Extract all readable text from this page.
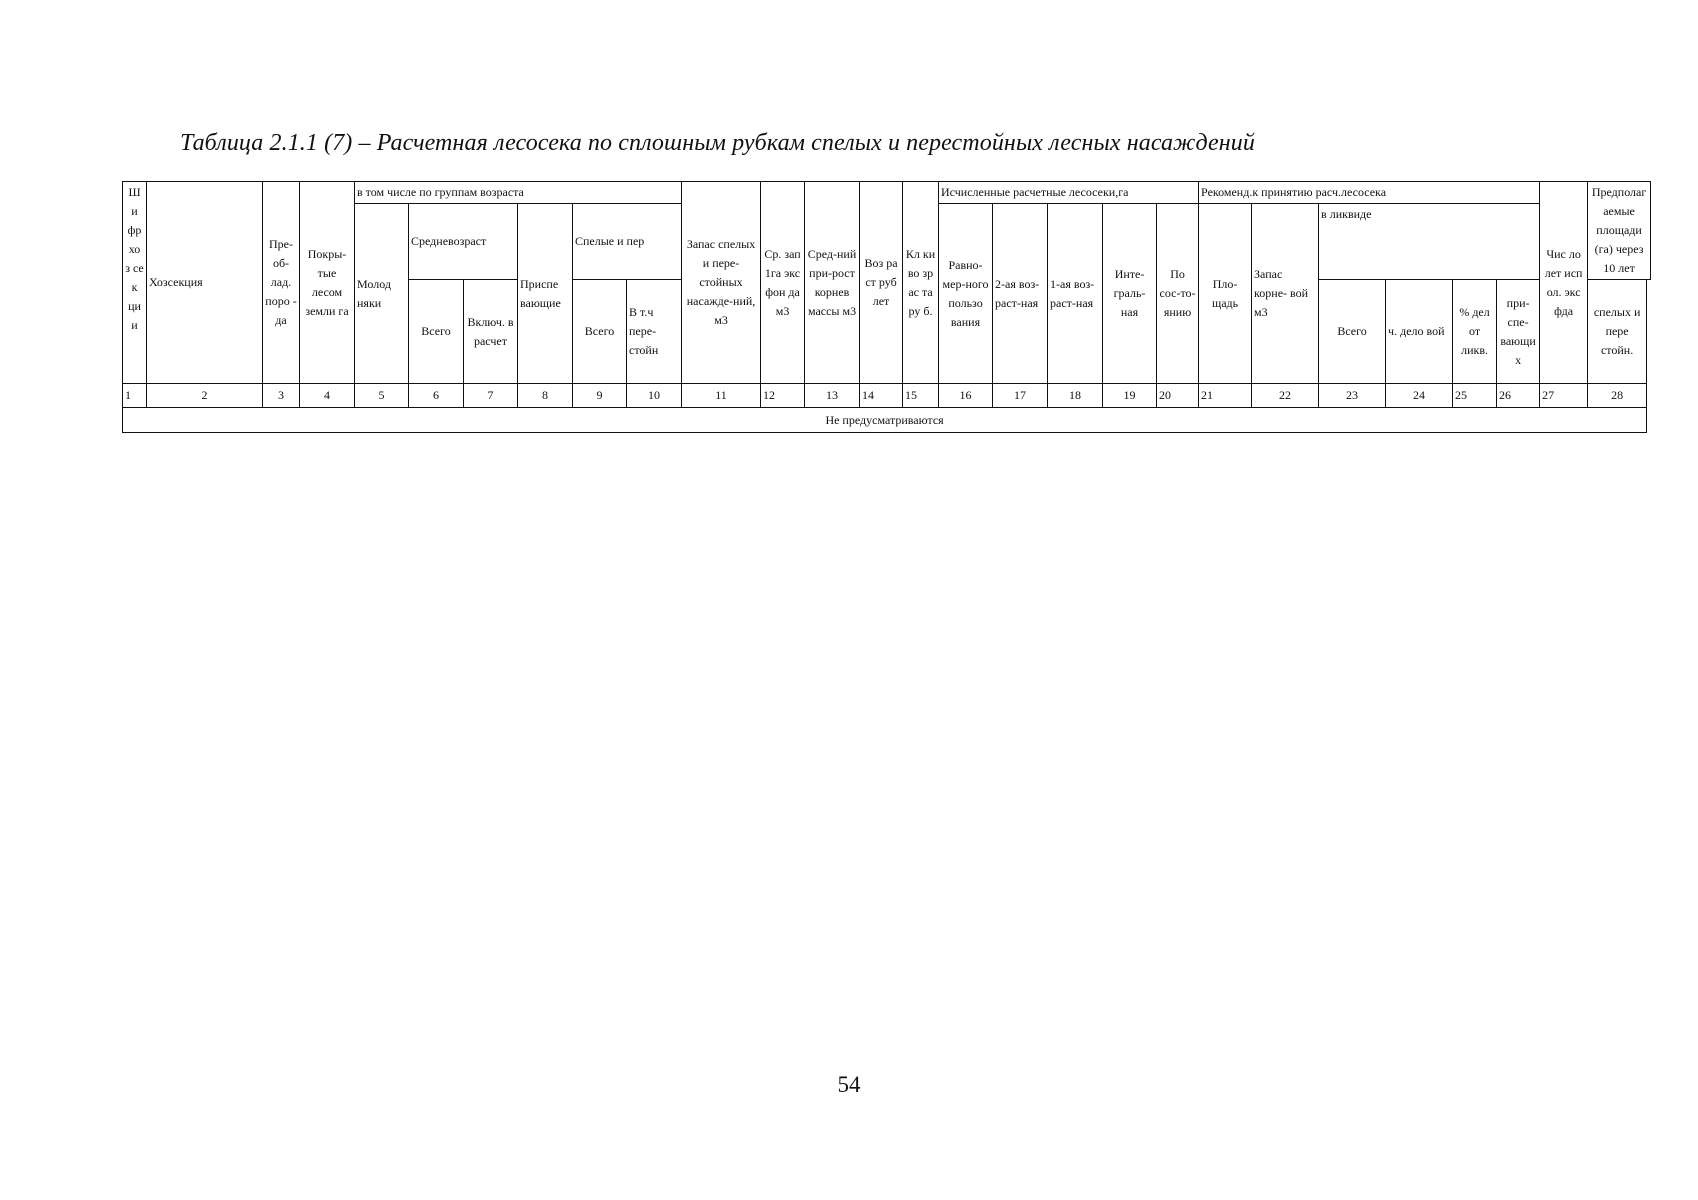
Таблица 2.1.1 (7) – Расчетная лесосека по сплошным рубкам спелых и перестойных лесных насаждений
Ш и фр хо з се к ци и	Хозсекция	Пре-об-лад. поро - да	Покры-тые лесом земли га	в том числе по группам возраста						Запас спелых и пере-стойных насажде-ний, м3	Ср. зап 1га экс фон да м3	Сред-ний при-рост корнев массы м3	Воз ра ст руб лет	Кл ки во зр ас та ру б.	Исчисленные расчетные лесосеки,га					Рекоменд.к принятию расч.лесосека						Чис ло лет исп ол. экс фда	Предполагаемые площади (га) через 10 лет
				Молод няки	Средневозраст		Приспе вающие	Спелые и пер							Равно-мер-ного пользо вания	2-ая воз-раст-ная	1-ая воз-раст-ная	Инте-граль-ная	По сос-то-янию	Пло-щадь	Запас корне- вой м3	в ликвиде					
					Всего	Включ. в расчет		Всего	В т.ч пере-стойн													Всего	ч. дело вой	% дел от ликв.	при-спе-вающи х		спелых и пере стойн.
1	2	3	4	5	6	7	8	9	10	11	12	13	14	15	16	17	18	19	20	21	22	23	24	25	26	27	28
Не предусматриваются																											
54
